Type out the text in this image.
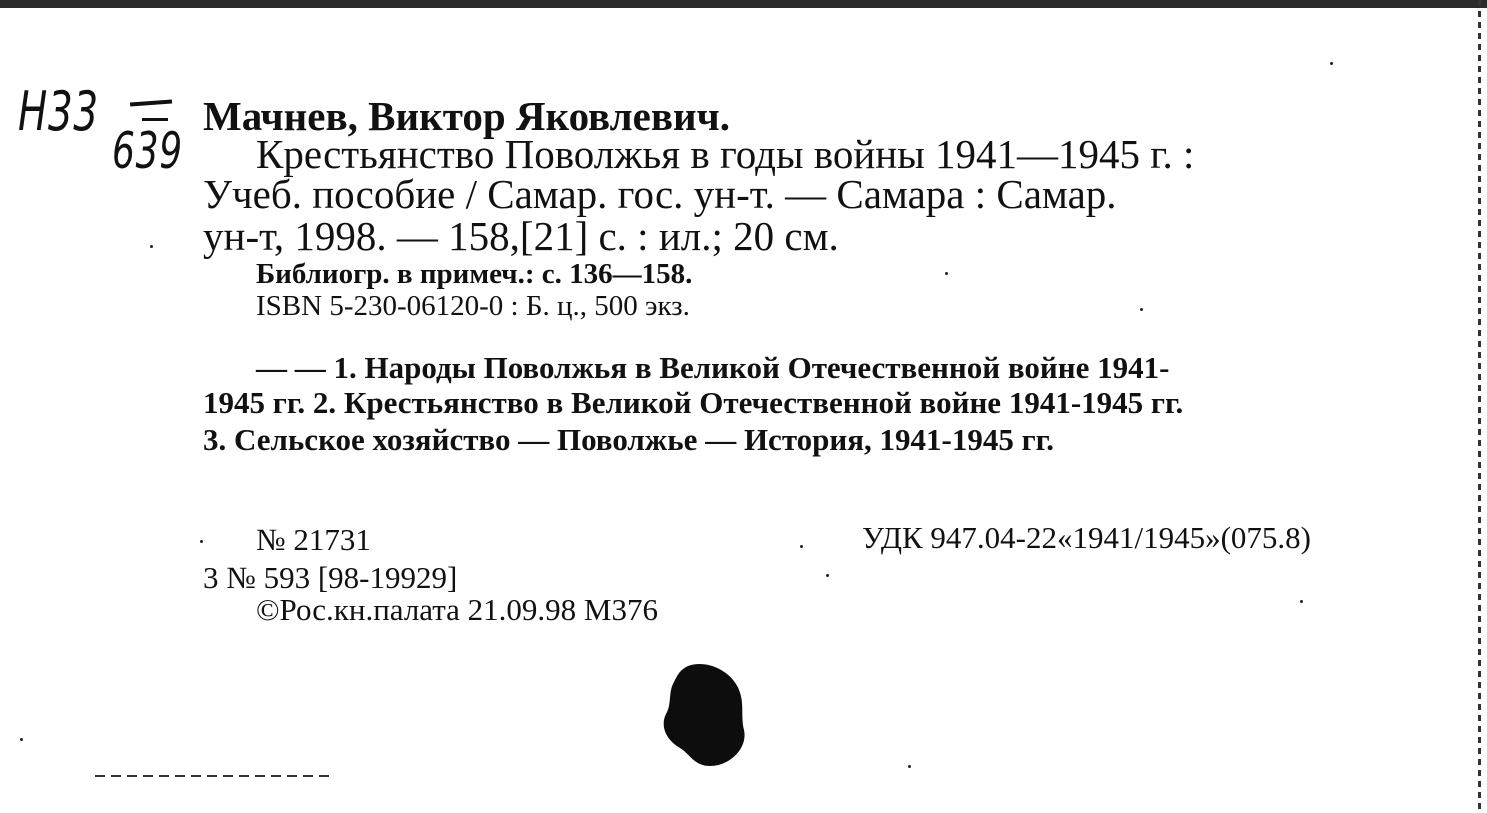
Н33
639
Мачнев, Виктор Яковлевич.
Крестьянство Поволжья в годы войны 1941—1945 г. :
Учеб. пособие / Самар. гос. ун-т. — Самара : Самар.
ун-т, 1998. — 158,[21] с. : ил.; 20 см.
Библиогр. в примеч.: с. 136—158.
ISBN 5-230-06120-0 : Б. ц., 500 экз.
— — 1. Народы Поволжья в Великой Отечественной войне 1941-
1945 гг. 2. Крестьянство в Великой Отечественной войне 1941-1945 гг.
3. Сельское хозяйство — Поволжье — История, 1941-1945 гг.
№ 21731	УДК 947.04-22«1941/1945»(075.8)
3 № 593 [98-19929]
©Рос.кн.палата 21.09.98 М376
